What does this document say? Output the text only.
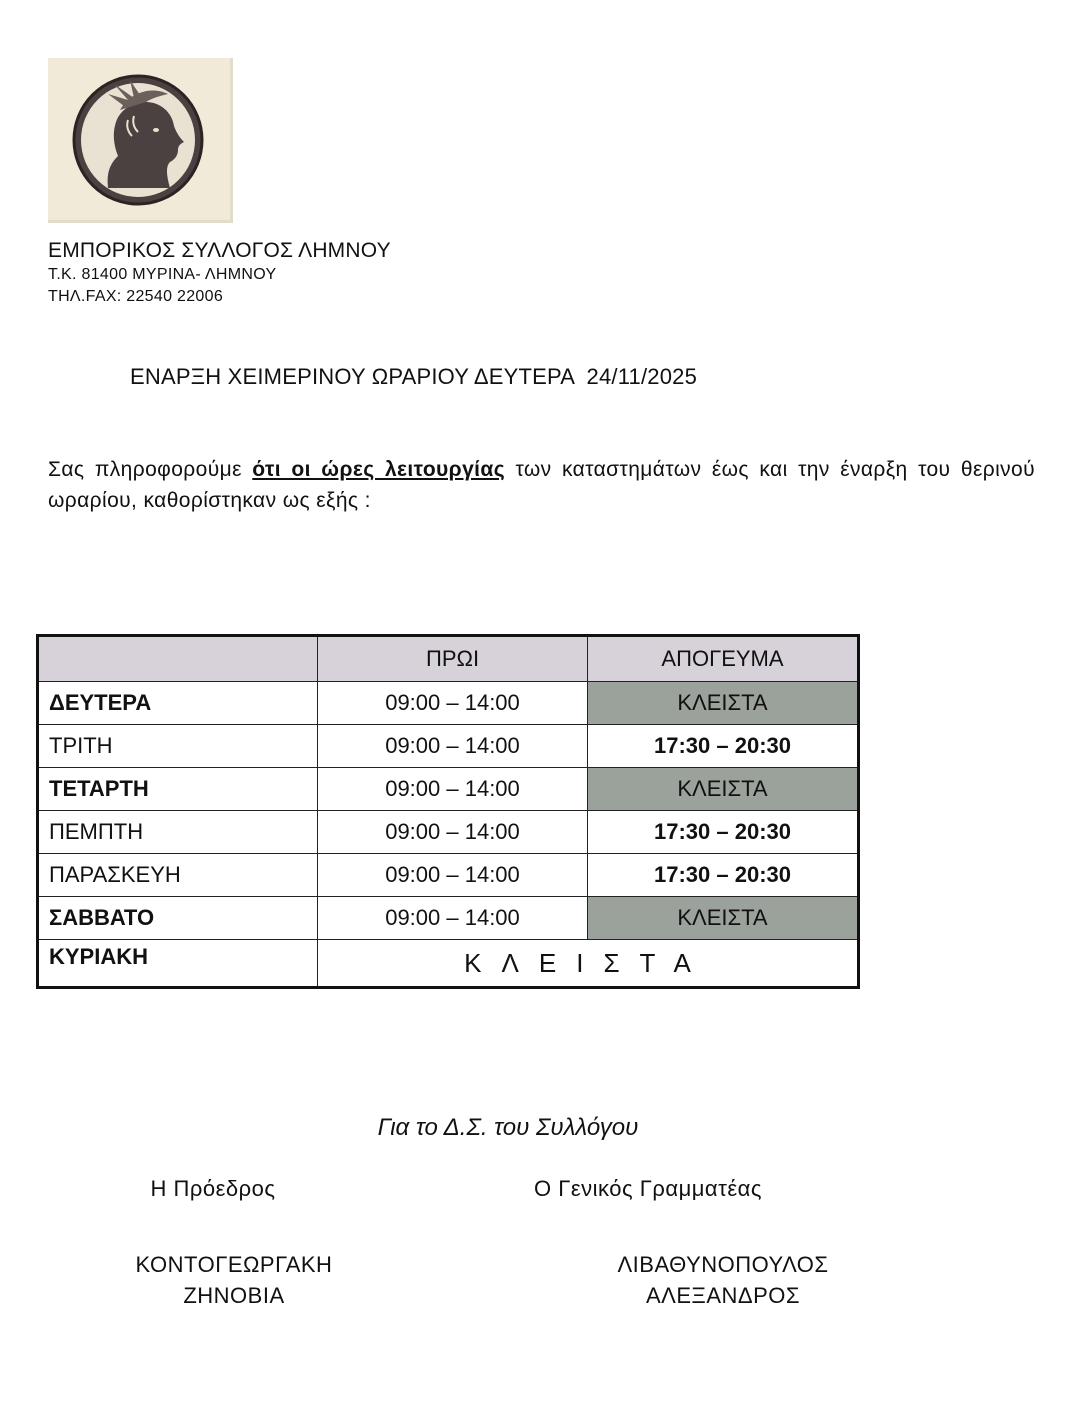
ΕΜΠΟΡΙΚΟΣ ΣΥΛΛΟΓΟΣ ΛΗΜΝΟΥ
Τ.Κ. 81400 ΜΥΡΙΝΑ- ΛΗΜΝΟΥ
ΤΗΛ.FAX: 22540 22006
ΕΝΑΡΞΗ ΧΕΙΜΕΡΙΝΟΥ ΩΡΑΡΙΟΥ ΔΕΥΤΕΡΑ  24/11/2025
Σας πληροφορούμε ότι οι ώρες λειτουργίας των καταστημάτων έως και την έναρξη του θερινού ωραρίου, καθορίστηκαν ως εξής :
	ΠΡΩΙ	ΑΠΟΓΕΥΜΑ
ΔΕΥΤΕΡΑ	09:00 – 14:00	ΚΛΕΙΣΤΑ
ΤΡΙΤΗ	09:00 – 14:00	17:30 – 20:30
ΤΕΤΑΡΤΗ	09:00 – 14:00	ΚΛΕΙΣΤΑ
ΠΕΜΠΤΗ	09:00 – 14:00	17:30 – 20:30
ΠΑΡΑΣΚΕΥΗ	09:00 – 14:00	17:30 – 20:30
ΣΑΒΒΑΤΟ	09:00 – 14:00	ΚΛΕΙΣΤΑ
ΚΥΡΙΑΚΗ	ΚΛΕΙΣΤΑ	
Για το Δ.Σ. του Συλλόγου
Η Πρόεδρος
ΚΟΝΤΟΓΕΩΡΓΑΚΗ
ΖΗΝΟΒΙΑ
Ο Γενικός Γραμματέας
ΛΙΒΑΘΥΝΟΠΟΥΛΟΣ
ΑΛΕΞΑΝΔΡΟΣ
